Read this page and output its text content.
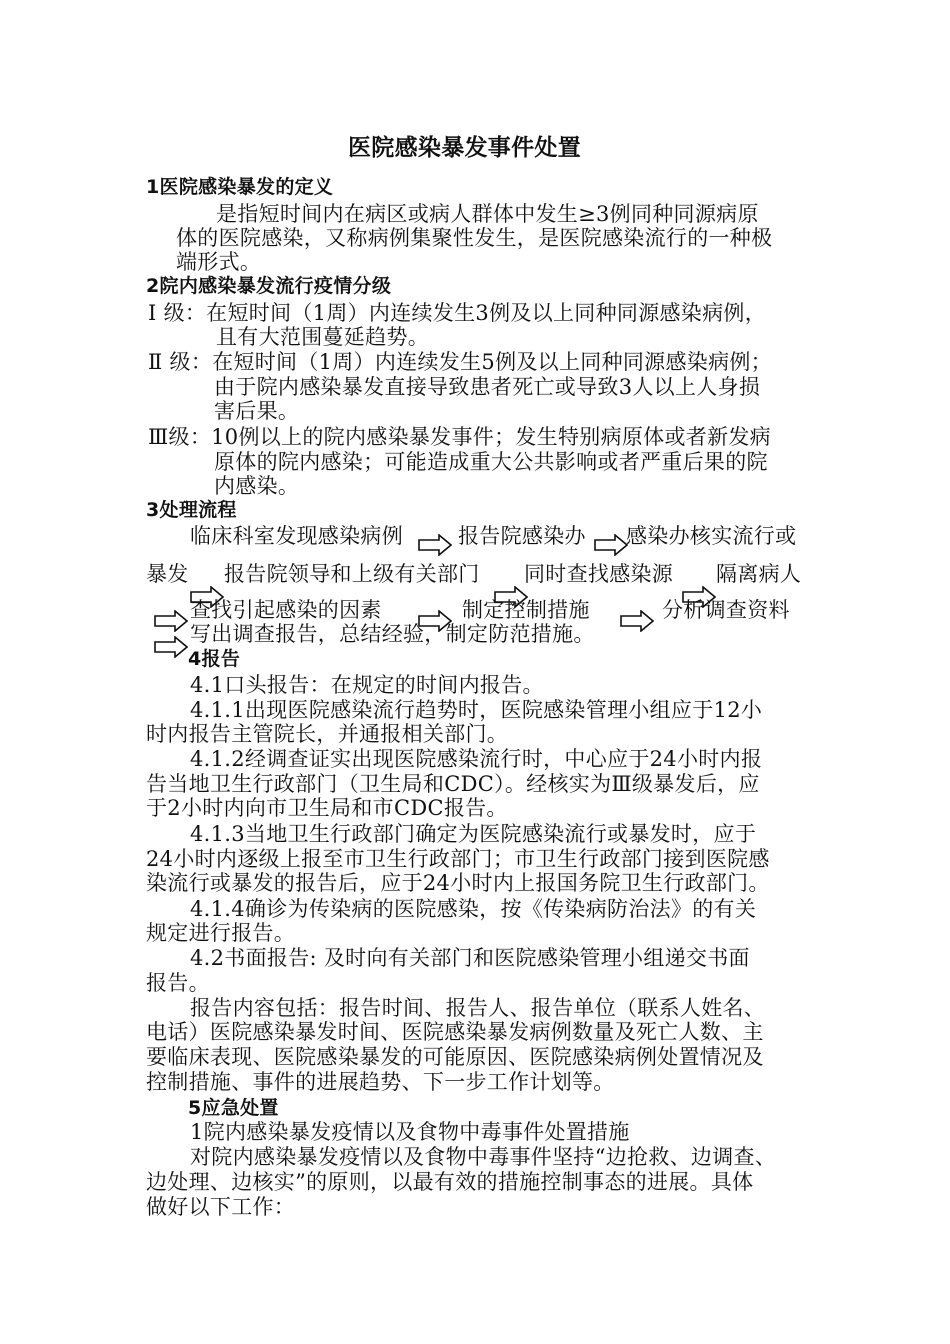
医院感染暴发事件处置
1医院感染暴发的定义
是指短时间内在病区或病人群体中发生≥3例同种同源病原
体的医院感染，又称病例集聚性发生，是医院感染流行的一种极
端形式。
2院内感染暴发流行疫情分级
Ⅰ 级：在短时间（1周）内连续发生3例及以上同种同源感染病例，
且有大范围蔓延趋势。
Ⅱ 级：在短时间（1周）内连续发生5例及以上同种同源感染病例；
由于院内感染暴发直接导致患者死亡或导致3人以上人身损
害后果。
Ⅲ级：10例以上的院内感染暴发事件；发生特别病原体或者新发病
原体的院内感染；可能造成重大公共影响或者严重后果的院
内感染。
3处理流程
临床科室发现感染病例	报告院感染办 感染办核实流行或
暴发 报告院领导和上级有关部门 同时查找感染源 隔离病人
查找引起感染的因素	制定控制措施	分析调查资料
写出调查报告，总结经验，制定防范措施。
4报告
4.1口头报告：在规定的时间内报告。
4.1.1出现医院感染流行趋势时，医院感染管理小组应于12小
时内报告主管院长，并通报相关部门。
4.1.2经调查证实出现医院感染流行时，中心应于24小时内报
告当地卫生行政部门（卫生局和CDC）。经核实为Ⅲ级暴发后，应
于2小时内向市卫生局和市CDC报告。
4.1.3当地卫生行政部门确定为医院感染流行或暴发时，应于
24小时内逐级上报至市卫生行政部门；市卫生行政部门接到医院感
染流行或暴发的报告后，应于24小时内上报国务院卫生行政部门。
4.1.4确诊为传染病的医院感染，按《传染病防治法》的有关
规定进行报告。
4.2书面报告: 及时向有关部门和医院感染管理小组递交书面
报告。
报告内容包括：报告时间、报告人、报告单位（联系人姓名、
电话）医院感染暴发时间、医院感染暴发病例数量及死亡人数、主
要临床表现、医院感染暴发的可能原因、医院感染病例处置情况及
控制措施、事件的进展趋势、下一步工作计划等。
5应急处置
1院内感染暴发疫情以及食物中毒事件处置措施
对院内感染暴发疫情以及食物中毒事件坚持“边抢救、边调查、
边处理、边核实”的原则，以最有效的措施控制事态的进展。具体
做好以下工作：
